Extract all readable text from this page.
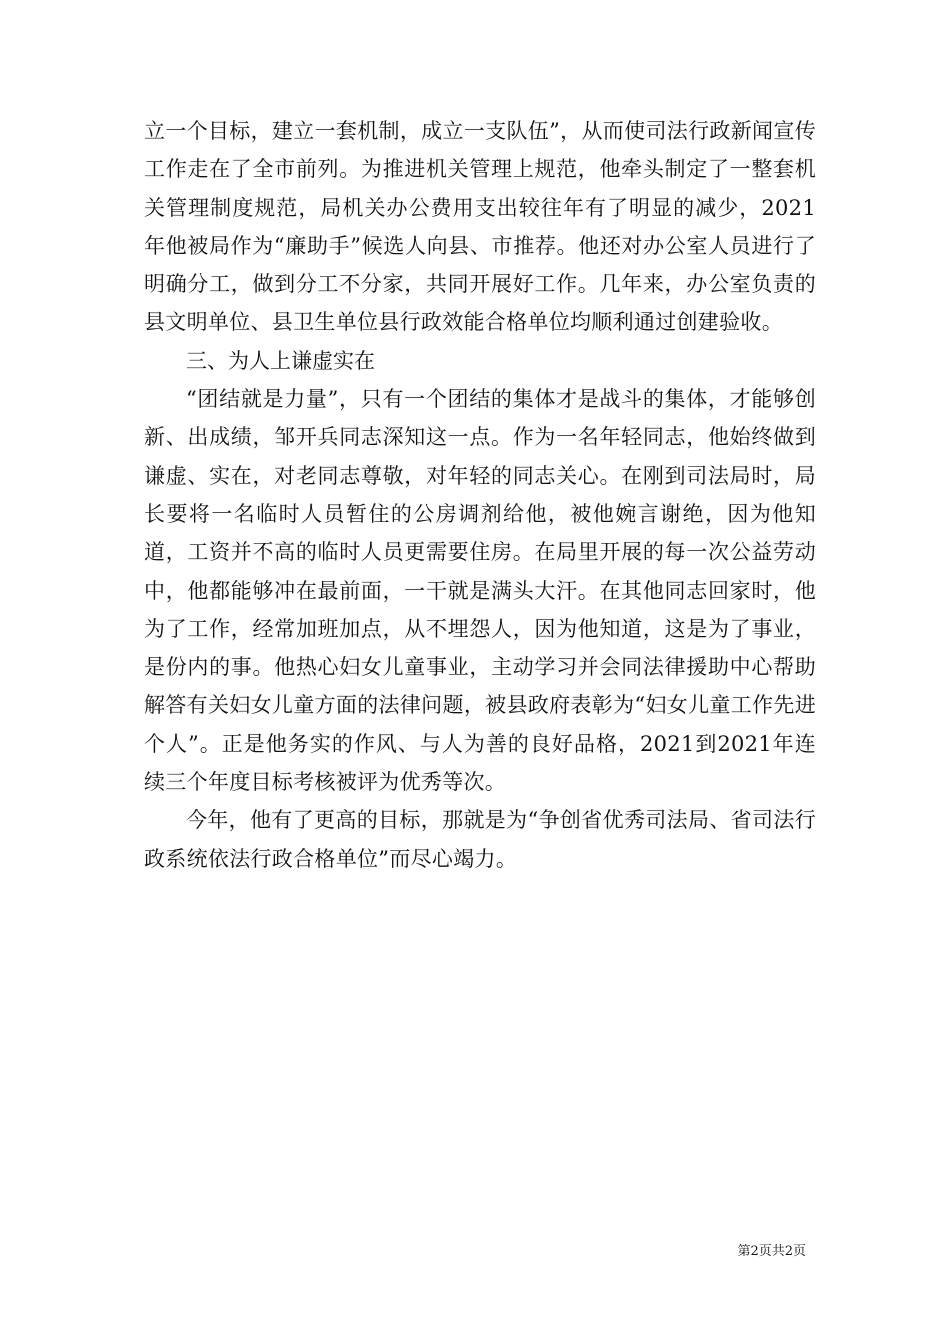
立一个目标，建立一套机制，成立一支队伍”，从而使司法行政新闻宣传工作走在了全市前列。为推进机关管理上规范，他牵头制定了一整套机关管理制度规范，局机关办公费用支出较往年有了明显的减少，2021年他被局作为“廉助手”候选人向县、市推荐。他还对办公室人员进行了明确分工，做到分工不分家，共同开展好工作。几年来，办公室负责的县文明单位、县卫生单位县行政效能合格单位均顺利通过创建验收。

三、为人上谦虚实在

“团结就是力量”，只有一个团结的集体才是战斗的集体，才能够创新、出成绩，邹开兵同志深知这一点。作为一名年轻同志，他始终做到谦虚、实在，对老同志尊敬，对年轻的同志关心。在刚到司法局时，局长要将一名临时人员暂住的公房调剂给他，被他婉言谢绝，因为他知道，工资并不高的临时人员更需要住房。在局里开展的每一次公益劳动中，他都能够冲在最前面，一干就是满头大汗。在其他同志回家时，他为了工作，经常加班加点，从不埋怨人，因为他知道，这是为了事业，是份内的事。他热心妇女儿童事业，主动学习并会同法律援助中心帮助解答有关妇女儿童方面的法律问题，被县政府表彰为“妇女儿童工作先进个人”。正是他务实的作风、与人为善的良好品格，2021到2021年连续三个年度目标考核被评为优秀等次。

今年，他有了更高的目标，那就是为“争创省优秀司法局、省司法行政系统依法行政合格单位”而尽心竭力。

第2页共2页
